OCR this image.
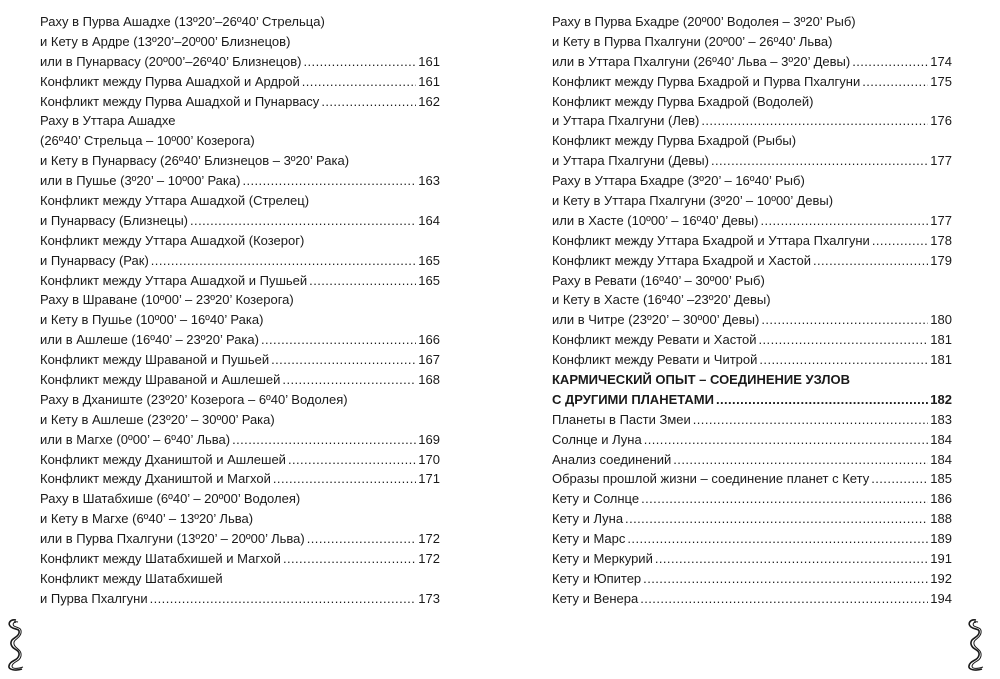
Раху в Пурва Ашадхе (13º20’–26º40’ Стрельца)
и Кету в Ардре (13º20’–20º00’ Близнецов)
или в Пунарвасу (20º00’–26º40’ Близнецов) . . .	161
Конфликт между Пурва Ашадхой и Ардрой . . .	161
Конфликт между Пурва Ашадхой и Пунарвасу . . .	162
Раху в Уттара Ашадхе
(26º40’ Стрельца – 10º00’ Козерога)
и Кету в Пунарвасу (26º40’ Близнецов – 3º20’ Рака)
или в Пушье (3º20’ – 10º00’ Рака) . . .	163
Конфликт между Уттара Ашадхой (Стрелец)
и Пунарвасу (Близнецы) . . .	164
Конфликт между Уттара Ашадхой (Козерог)
и Пунарвасу (Рак) . . .	165
Конфликт между Уттара Ашадхой и Пушьей . . .	165
Раху в Шраване (10º00’ – 23º20’ Козерога)
и Кету в Пушье (10º00’ – 16º40’ Рака)
или в Ашлеше (16º40’ – 23º20’ Рака) . . .	166
Конфликт между Шраваной и Пушьей . . .	167
Конфликт между Шраваной и Ашлешей . . .	168
Раху в Дханиште (23º20’ Козерога – 6º40’ Водолея)
и Кету в Ашлеше (23º20’ – 30º00’ Рака)
или в Магхе (0º00’ – 6º40’ Льва) . . .	169
Конфликт между Дхаништой и Ашлешей . . .	170
Конфликт между Дхаништой и Магхой . . .	171
Раху в Шатабхише (6º40’ – 20º00’ Водолея)
и Кету в Магхе (6º40’ – 13º20’ Льва)
или в Пурва Пхалгуни (13º20’ – 20º00’ Льва) . . .	172
Конфликт между Шатабхишей и Магхой . . .	172
Конфликт между Шатабхишей
и Пурва Пхалгуни . . .	173
Раху в Пурва Бхадре (20º00’ Водолея – 3º20’ Рыб)
и Кету в Пурва Пхалгуни (20º00’ – 26º40’ Льва)
или в Уттара Пхалгуни (26º40’ Льва – 3º20’ Девы) . . .	174
Конфликт между Пурва Бхадрой и Пурва Пхалгуни . . .	175
Конфликт между Пурва Бхадрой (Водолей)
и Уттара Пхалгуни (Лев) . . .	176
Конфликт между Пурва Бхадрой (Рыбы)
и Уттара Пхалгуни (Девы) . . .	177
Раху в Уттара Бхадре (3º20’ – 16º40’ Рыб)
и Кету в Уттара Пхалгуни (3º20’ – 10º00’ Девы)
или в Хасте (10º00’ – 16º40’ Девы) . . .	177
Конфликт между Уттара Бхадрой и Уттара Пхалгуни . . .	178
Конфликт между Уттара Бхадрой и Хастой . . .	179
Раху в Ревати (16º40’ – 30º00’ Рыб)
и Кету в Хасте (16º40’ –23º20’ Девы)
или в Читре (23º20’ – 30º00’ Девы) . . .	180
Конфликт между Ревати и Хастой . . .	181
Конфликт между Ревати и Читрой . . .	181
КАРМИЧЕСКИЙ ОПЫТ – СОЕДИНЕНИЕ УЗЛОВ
С ДРУГИМИ ПЛАНЕТАМИ . . .	182
Планеты в Пасти Змеи . . .	183
Солнце и Луна . . .	184
Анализ соединений . . .	184
Образы прошлой жизни – соединение планет с Кету . . .	185
Кету и Солнце . . .	186
Кету и Луна . . .	188
Кету и Марс . . .	189
Кету и Меркурий . . .	191
Кету и Юпитер . . .	192
Кету и Венера . . .	194
